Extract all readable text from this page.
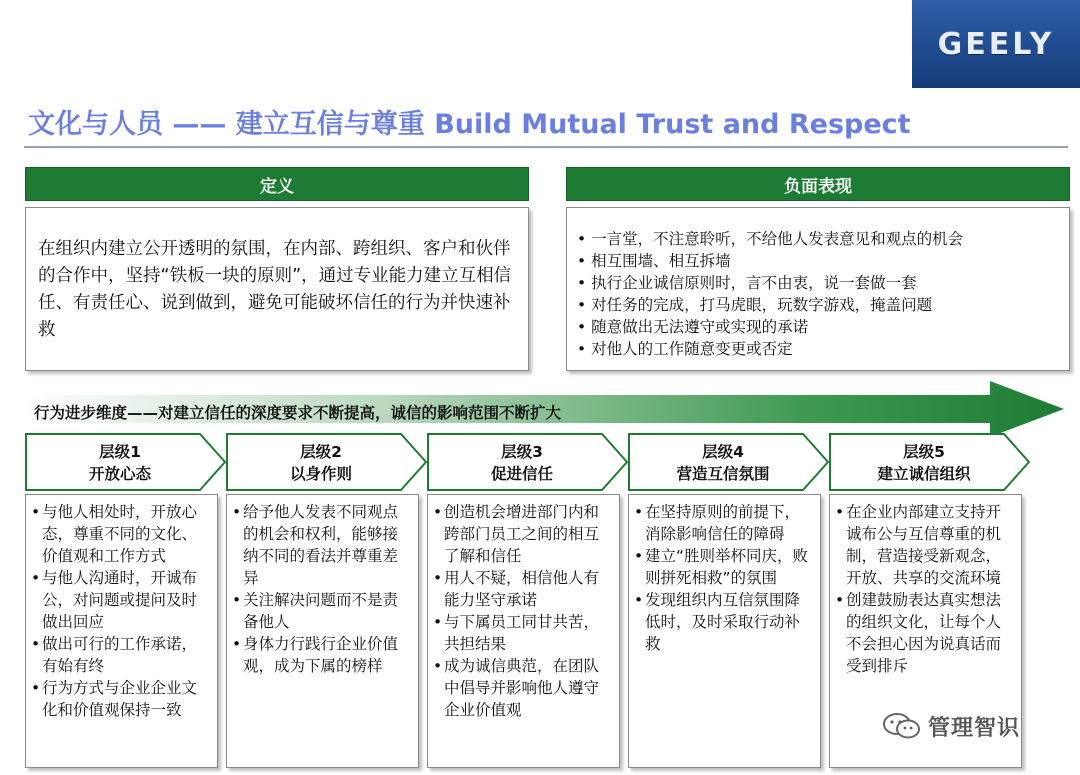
GEELY
文化与人员 —— 建立互信与尊重 Build Mutual Trust and Respect
定义
在组织内建立公开透明的氛围，在内部、跨组织、客户和伙伴的合作中，坚持“铁板一块的原则”，通过专业能力建立互相信任、有责任心、说到做到，避免可能破坏信任的行为并快速补救
负面表现
• 一言堂，不注意聆听，不给他人发表意见和观点的机会
• 相互围墙、相互拆墙
• 执行企业诚信原则时，言不由衷，说一套做一套
• 对任务的完成，打马虎眼，玩数字游戏，掩盖问题
• 随意做出无法遵守或实现的承诺
• 对他人的工作随意变更或否定
行为进步维度——对建立信任的深度要求不断提高，诚信的影响范围不断扩大
层级1
开放心态
层级2
以身作则
层级3
促进信任
层级4
营造互信氛围
层级5
建立诚信组织
• 与他人相处时，开放心态，尊重不同的文化、价值观和工作方式
• 与他人沟通时，开诚布公，对问题或提问及时做出回应
• 做出可行的工作承诺，有始有终
• 行为方式与企业企业文化和价值观保持一致
• 给予他人发表不同观点的机会和权利，能够接纳不同的看法并尊重差异
• 关注解决问题而不是责备他人
• 身体力行践行企业价值观，成为下属的榜样
• 创造机会增进部门内和跨部门员工之间的相互了解和信任
• 用人不疑，相信他人有能力坚守承诺
• 与下属员工同甘共苦，共担结果
• 成为诚信典范，在团队中倡导并影响他人遵守企业价值观
• 在坚持原则的前提下，消除影响信任的障碍
• 建立“胜则举杯同庆，败则拼死相救”的氛围
• 发现组织内互信氛围降低时，及时采取行动补救
• 在企业内部建立支持开诚布公与互信尊重的机制，营造接受新观念，开放、共享的交流环境
• 创建鼓励表达真实想法的组织文化，让每个人不会担心因为说真话而受到排斥
管理智识
